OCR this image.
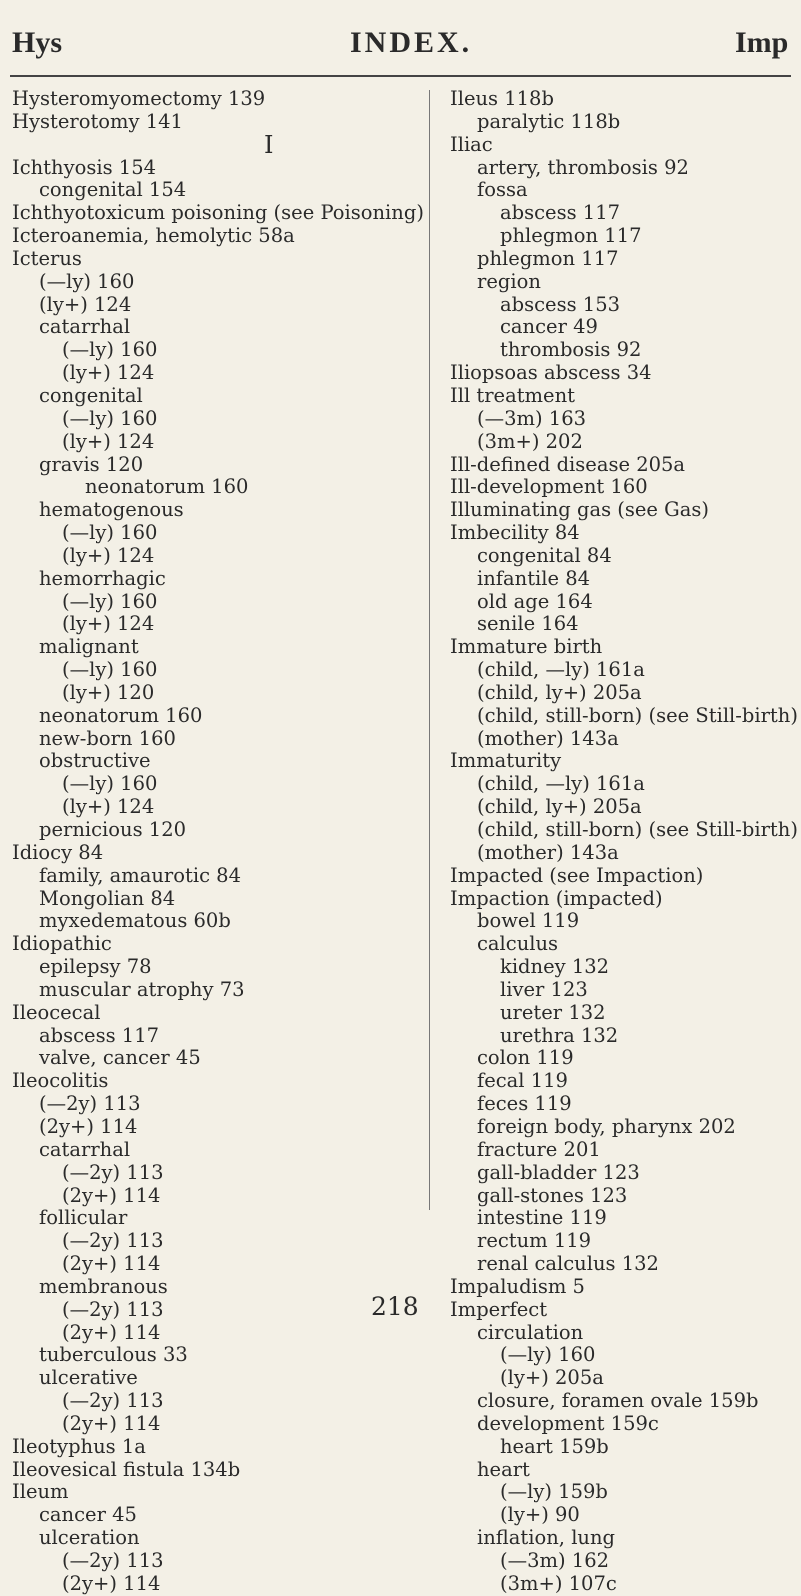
Hys	INDEX.	Imp
Hysteromyomectomy 139
Hysterotomy 141
I
Ichthyosis 154
congenital 154
Ichthyotoxicum poisoning (see Poisoning)
Icteroanemia, hemolytic 58a
Icterus
(—ly) 160
(ly+) 124
catarrhal
(—ly) 160
(ly+) 124
congenital
(—ly) 160
(ly+) 124
gravis 120
neonatorum 160
hematogenous
(—ly) 160
(ly+) 124
hemorrhagic
(—ly) 160
(ly+) 124
malignant
(—ly) 160
(ly+) 120
neonatorum 160
new-born 160
obstructive
(—ly) 160
(ly+) 124
pernicious 120
Idiocy 84
family, amaurotic 84
Mongolian 84
myxedematous 60b
Idiopathic
epilepsy 78
muscular atrophy 73
Ileocecal
abscess 117
valve, cancer 45
Ileocolitis
(—2y) 113
(2y+) 114
catarrhal
(—2y) 113
(2y+) 114
follicular
(—2y) 113
(2y+) 114
membranous
(—2y) 113
(2y+) 114
tuberculous 33
ulcerative
(—2y) 113
(2y+) 114
Ileotyphus 1a
Ileovesical fistula 134b
Ileum
cancer 45
ulceration
(—2y) 113
(2y+) 114
Ileus 118b
paralytic 118b
Iliac
artery, thrombosis 92
fossa
abscess 117
phlegmon 117
phlegmon 117
region
abscess 153
cancer 49
thrombosis 92
Iliopsoas abscess 34
Ill treatment
(—3m) 163
(3m+) 202
Ill-defined disease 205a
Ill-development 160
Illuminating gas (see Gas)
Imbecility 84
congenital 84
infantile 84
old age 164
senile 164
Immature birth
(child, —ly) 161a
(child, ly+) 205a
(child, still-born) (see Still-birth)
(mother) 143a
Immaturity
(child, —ly) 161a
(child, ly+) 205a
(child, still-born) (see Still-birth)
(mother) 143a
Impacted (see Impaction)
Impaction (impacted)
bowel 119
calculus
kidney 132
liver 123
ureter 132
urethra 132
colon 119
fecal 119
feces 119
foreign body, pharynx 202
fracture 201
gall-bladder 123
gall-stones 123
intestine 119
rectum 119
renal calculus 132
Impaludism 5
Imperfect
circulation
(—ly) 160
(ly+) 205a
closure, foramen ovale 159b
development 159c
heart 159b
heart
(—ly) 159b
(ly+) 90
inflation, lung
(—3m) 162
(3m+) 107c
218
